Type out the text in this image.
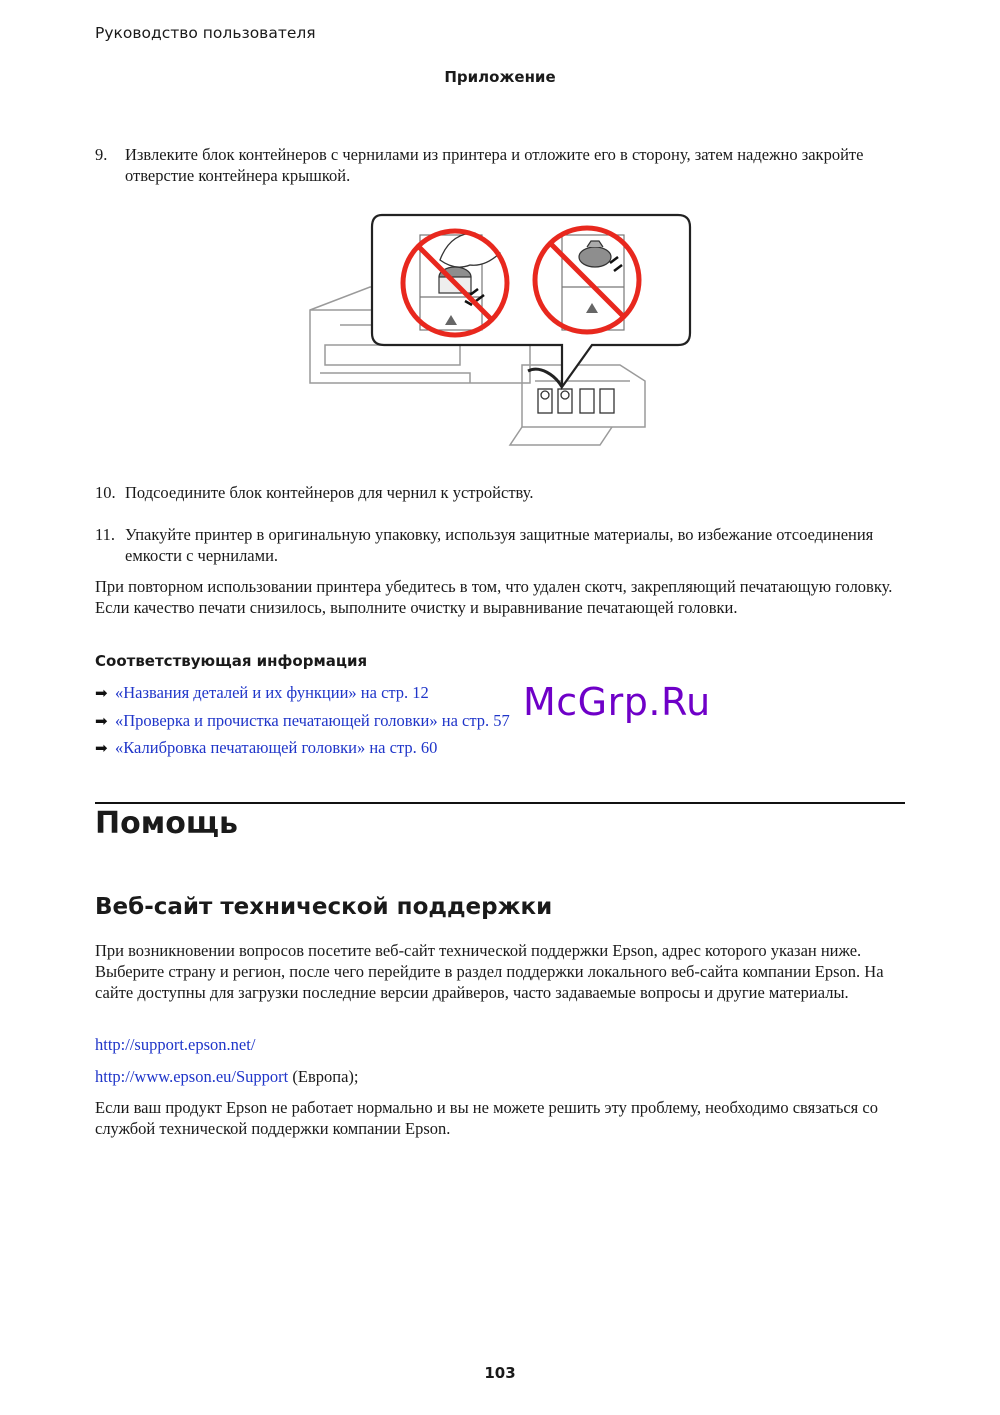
Руководство пользователя
Приложение
9. Извлеките блок контейнеров с чернилами из принтера и отложите его в сторону, затем надежно закройте отверстие контейнера крышкой.
10. Подсоедините блок контейнеров для чернил к устройству.
11. Упакуйте принтер в оригинальную упаковку, используя защитные материалы, во избежание отсоединения емкости с чернилами.
При повторном использовании принтера убедитесь в том, что удален скотч, закрепляющий печатающую головку. Если качество печати снизилось, выполните очистку и выравнивание печатающей головки.
Соответствующая информация
➡ «Названия деталей и их функции» на стр. 12
➡ «Проверка и прочистка печатающей головки» на стр. 57
➡ «Калибровка печатающей головки» на стр. 60
McGrp.Ru
Помощь
Веб-сайт технической поддержки
При возникновении вопросов посетите веб-сайт технической поддержки Epson, адрес которого указан ниже. Выберите страну и регион, после чего перейдите в раздел поддержки локального веб-сайта компании Epson. На сайте доступны для загрузки последние версии драйверов, часто задаваемые вопросы и другие материалы.
http://support.epson.net/
http://www.epson.eu/Support (Европа);
Если ваш продукт Epson не работает нормально и вы не можете решить эту проблему, необходимо связаться со службой технической поддержки компании Epson.
103
